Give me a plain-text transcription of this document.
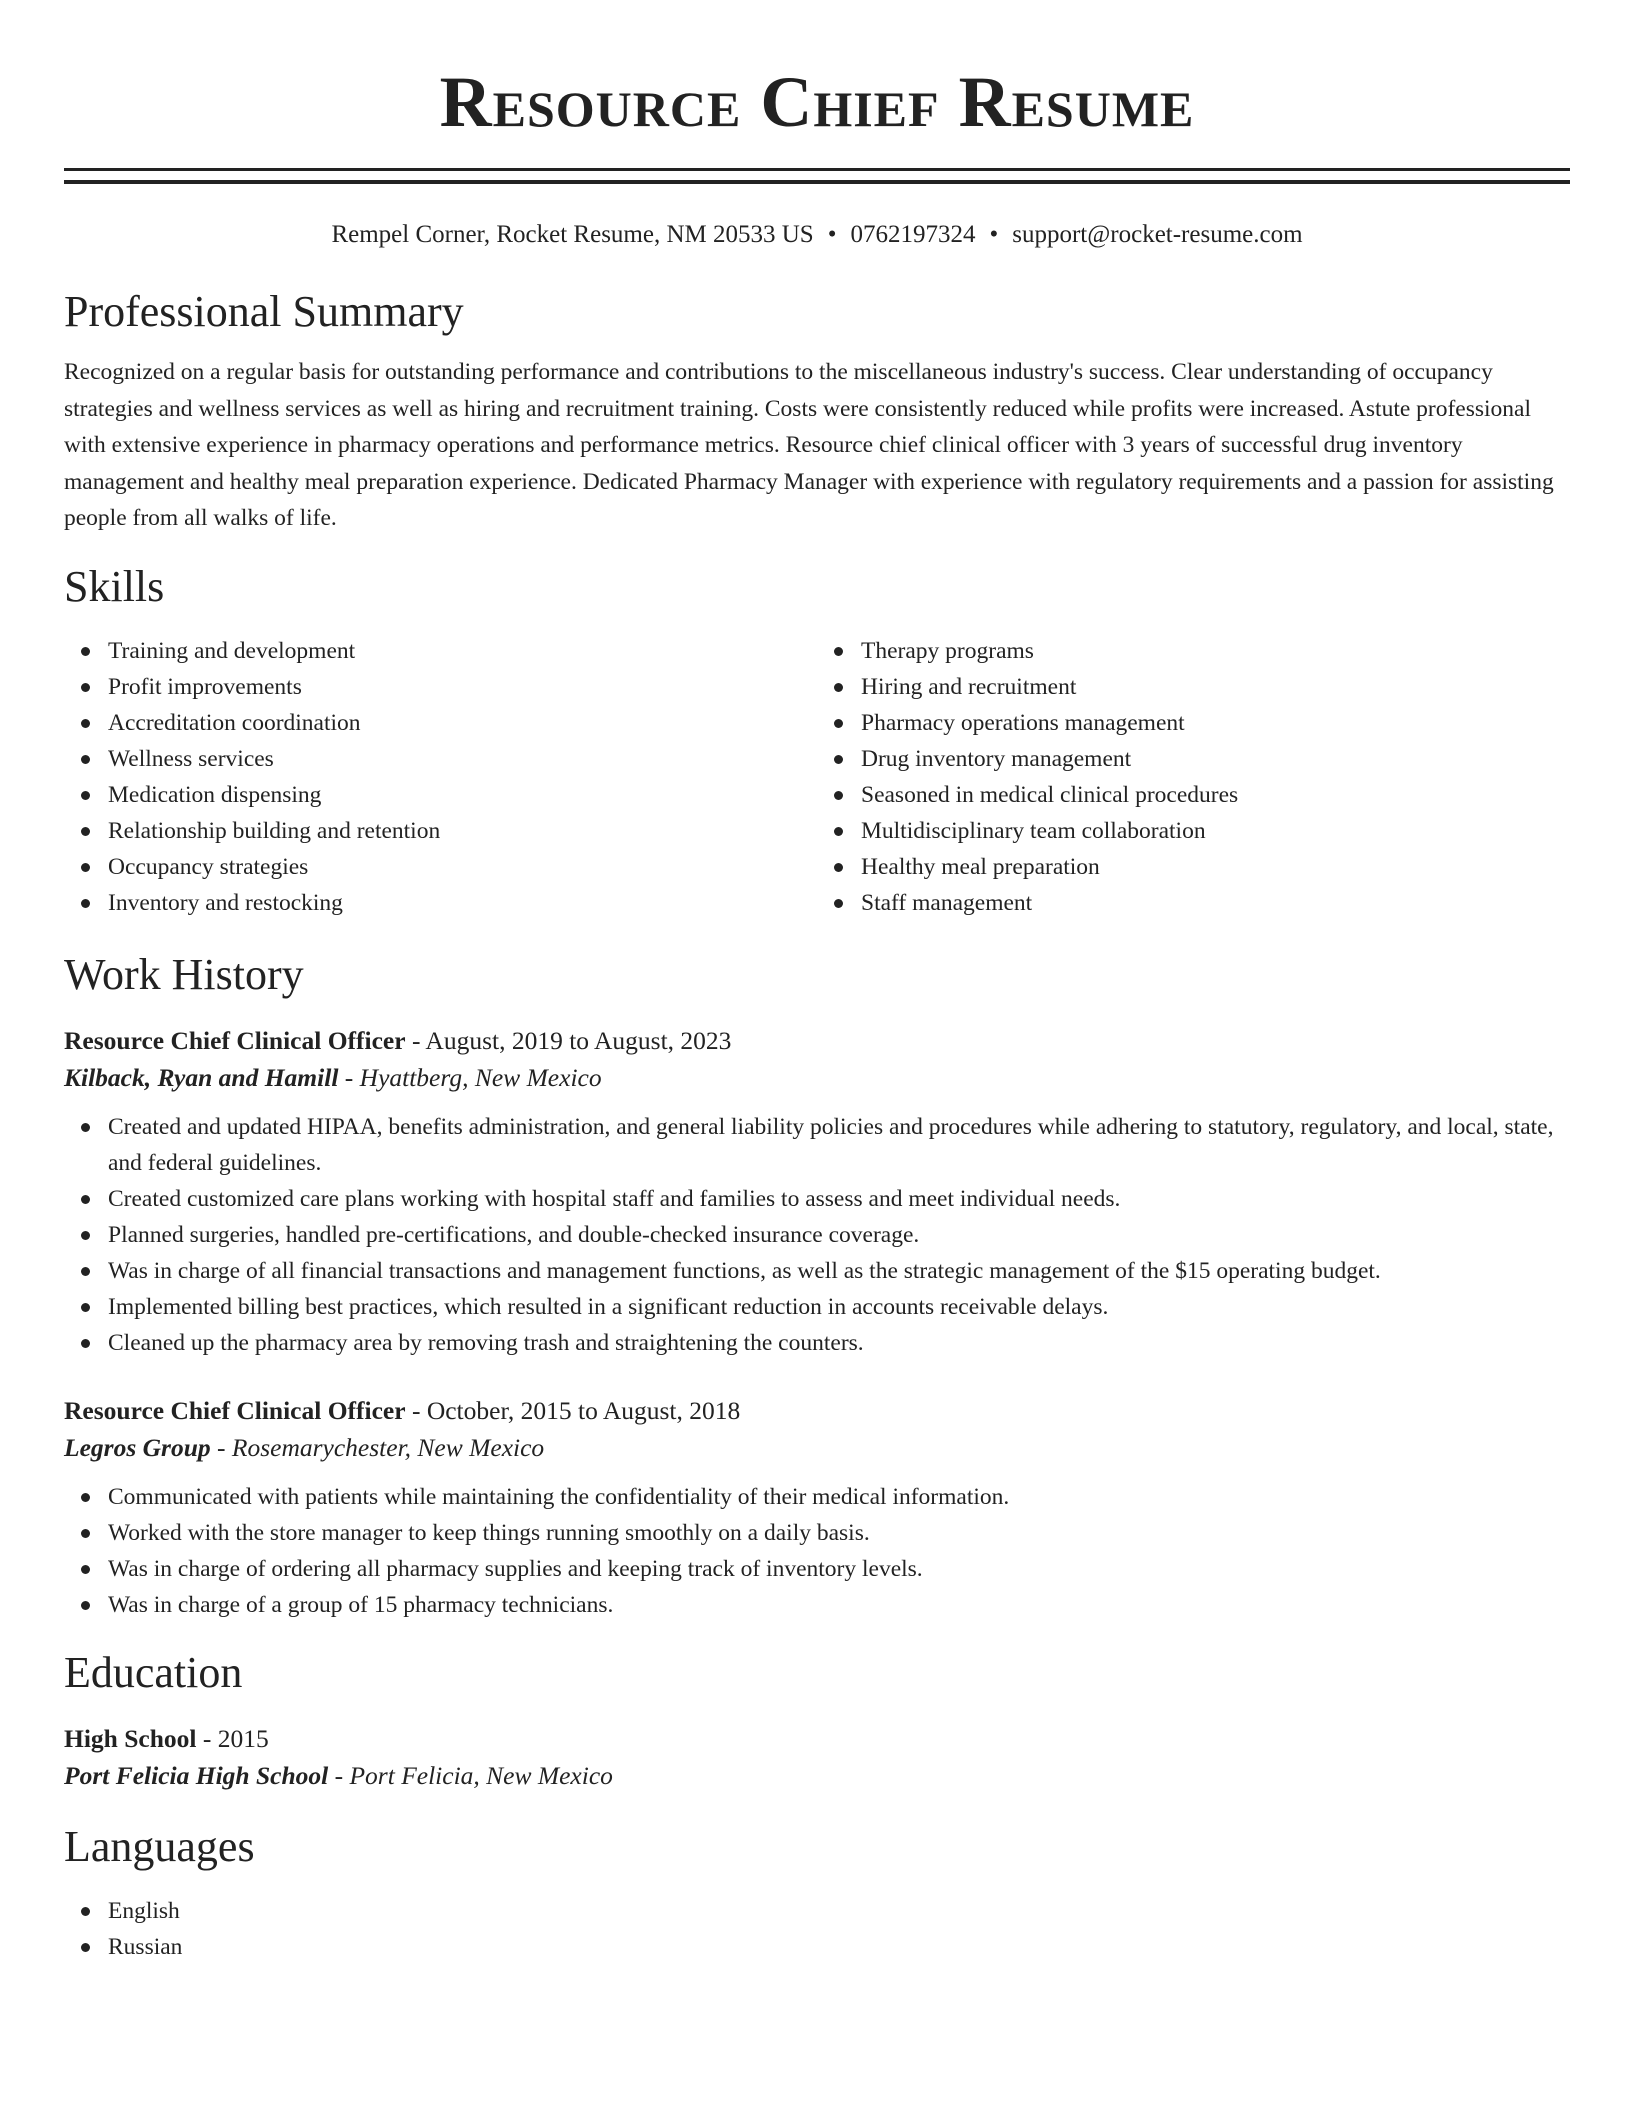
Resource Chief Resume
Rempel Corner, Rocket Resume, NM 20533 US • 0762197324 • support@rocket-resume.com
Professional Summary

Recognized on a regular basis for outstanding performance and contributions to the miscellaneous industry's success. Clear understanding of occupancy strategies and wellness services as well as hiring and recruitment training. Costs were consistently reduced while profits were increased. Astute professional with extensive experience in pharmacy operations and performance metrics. Resource chief clinical officer with 3 years of successful drug inventory management and healthy meal preparation experience. Dedicated Pharmacy Manager with experience with regulatory requirements and a passion for assisting people from all walks of life.

Skills
Training and development
Profit improvements
Accreditation coordination
Wellness services
Medication dispensing
Relationship building and retention
Occupancy strategies
Inventory and restocking
Therapy programs
Hiring and recruitment
Pharmacy operations management
Drug inventory management
Seasoned in medical clinical procedures
Multidisciplinary team collaboration
Healthy meal preparation
Staff management
Work History
Resource Chief Clinical Officer - August, 2019 to August, 2023
Kilback, Ryan and Hamill - Hyattberg, New Mexico
Created and updated HIPAA, benefits administration, and general liability policies and procedures while adhering to statutory, regulatory, and local, state, and federal guidelines.
Created customized care plans working with hospital staff and families to assess and meet individual needs.
Planned surgeries, handled pre-certifications, and double-checked insurance coverage.
Was in charge of all financial transactions and management functions, as well as the strategic management of the $15 operating budget.
Implemented billing best practices, which resulted in a significant reduction in accounts receivable delays.
Cleaned up the pharmacy area by removing trash and straightening the counters.
Resource Chief Clinical Officer - October, 2015 to August, 2018
Legros Group - Rosemarychester, New Mexico
Communicated with patients while maintaining the confidentiality of their medical information.
Worked with the store manager to keep things running smoothly on a daily basis.
Was in charge of ordering all pharmacy supplies and keeping track of inventory levels.
Was in charge of a group of 15 pharmacy technicians.
Education
High School - 2015
Port Felicia High School - Port Felicia, New Mexico
Languages
English
Russian
